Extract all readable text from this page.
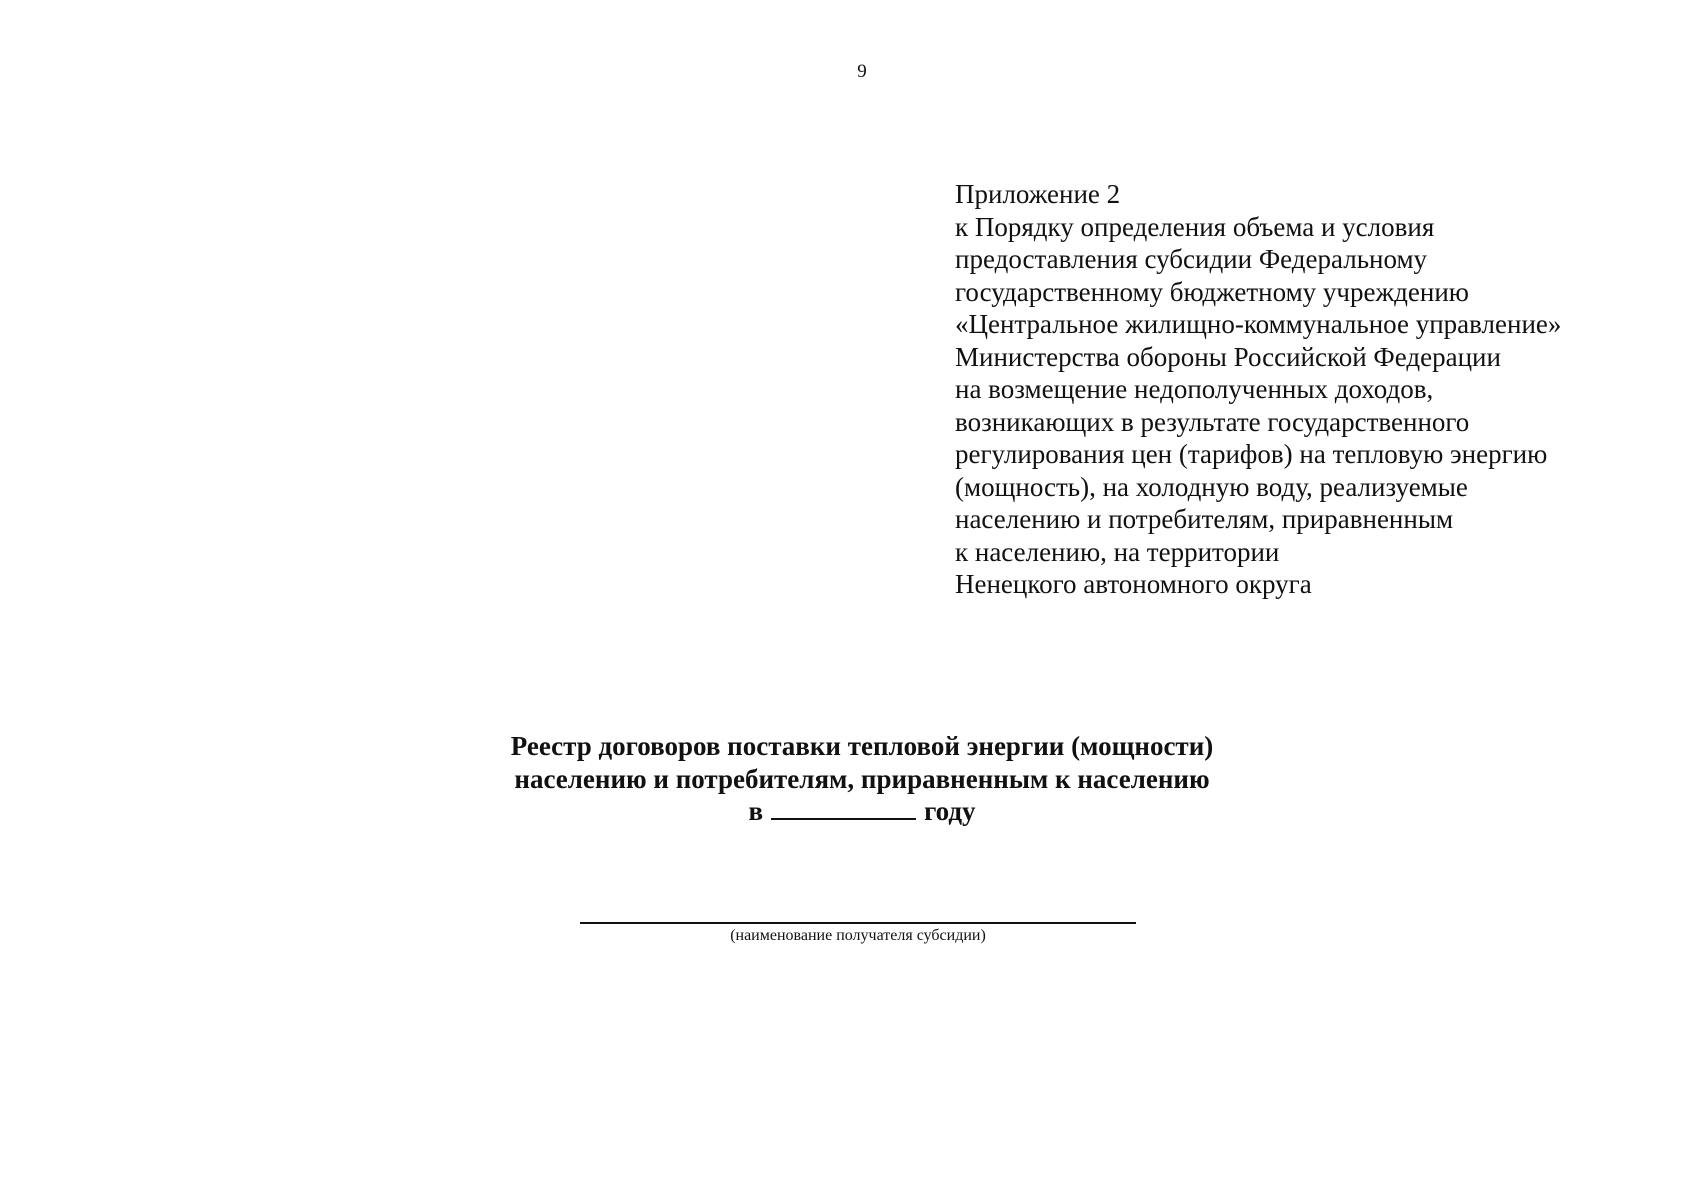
9
Приложение 2
к Порядку определения объема и условия
предоставления субсидии Федеральному
государственному бюджетному учреждению
«Центральное жилищно-коммунальное управление»
Министерства обороны Российской Федерации
на возмещение недополученных доходов,
возникающих в результате государственного
регулирования цен (тарифов) на тепловую энергию
(мощность), на холодную воду, реализуемые
населению и потребителям, приравненным
к населению, на территории
Ненецкого автономного округа
Реестр договоров поставки тепловой энергии (мощности)
населению и потребителям, приравненным к населению
в	году
(наименование получателя субсидии)
